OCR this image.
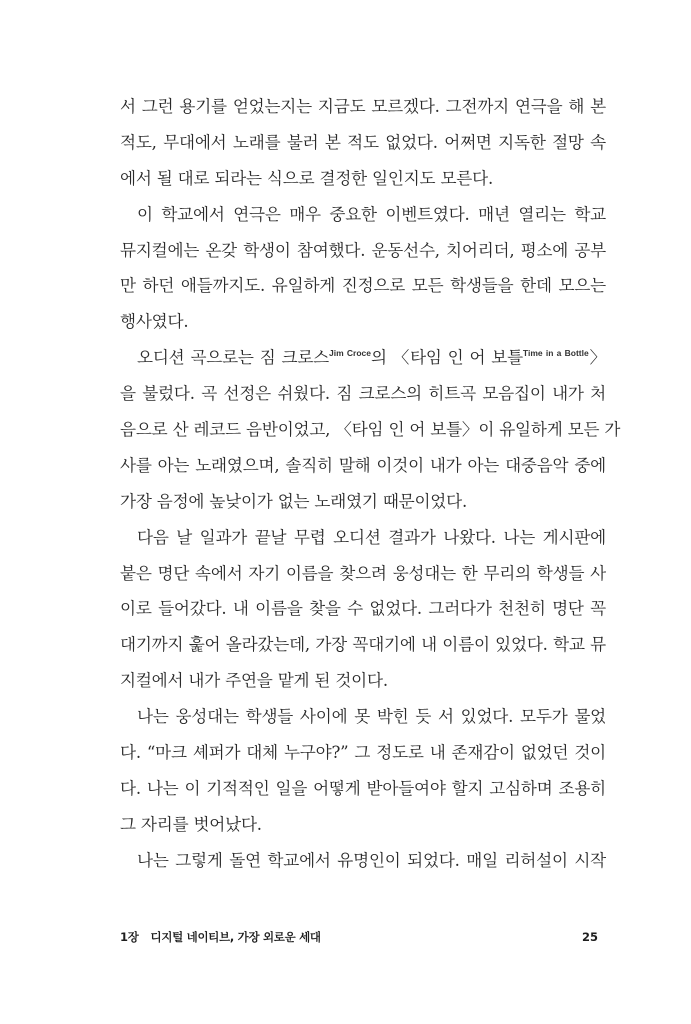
서 그런 용기를 얻었는지는 지금도 모르겠다. 그전까지 연극을 해 본
적도, 무대에서 노래를 불러 본 적도 없었다. 어쩌면 지독한 절망 속
에서 될 대로 되라는 식으로 결정한 일인지도 모른다.
이 학교에서 연극은 매우 중요한 이벤트였다. 매년 열리는 학교
뮤지컬에는 온갖 학생이 참여했다. 운동선수, 치어리더, 평소에 공부
만 하던 애들까지도. 유일하게 진정으로 모든 학생들을 한데 모으는
행사였다.
오디션 곡으로는 짐 크로스$^{Jim Croce}$의 〈타임 인 어 보틀$^{Time in a Bottle}$〉
을 불렀다. 곡 선정은 쉬웠다. 짐 크로스의 히트곡 모음집이 내가 처
음으로 산 레코드 음반이었고, 〈타임 인 어 보틀〉이 유일하게 모든 가
사를 아는 노래였으며, 솔직히 말해 이것이 내가 아는 대중음악 중에
가장 음정에 높낮이가 없는 노래였기 때문이었다.
다음 날 일과가 끝날 무렵 오디션 결과가 나왔다. 나는 게시판에
붙은 명단 속에서 자기 이름을 찾으려 웅성대는 한 무리의 학생들 사
이로 들어갔다. 내 이름을 찾을 수 없었다. 그러다가 천천히 명단 꼭
대기까지 훑어 올라갔는데, 가장 꼭대기에 내 이름이 있었다. 학교 뮤
지컬에서 내가 주연을 맡게 된 것이다.
나는 웅성대는 학생들 사이에 못 박힌 듯 서 있었다. 모두가 물었
다. “마크 셰퍼가 대체 누구야?” 그 정도로 내 존재감이 없었던 것이
다. 나는 이 기적적인 일을 어떻게 받아들여야 할지 고심하며 조용히
그 자리를 벗어났다.
나는 그렇게 돌연 학교에서 유명인이 되었다. 매일 리허설이 시작
1장 디지털 네이티브, 가장 외로운 세대	25
